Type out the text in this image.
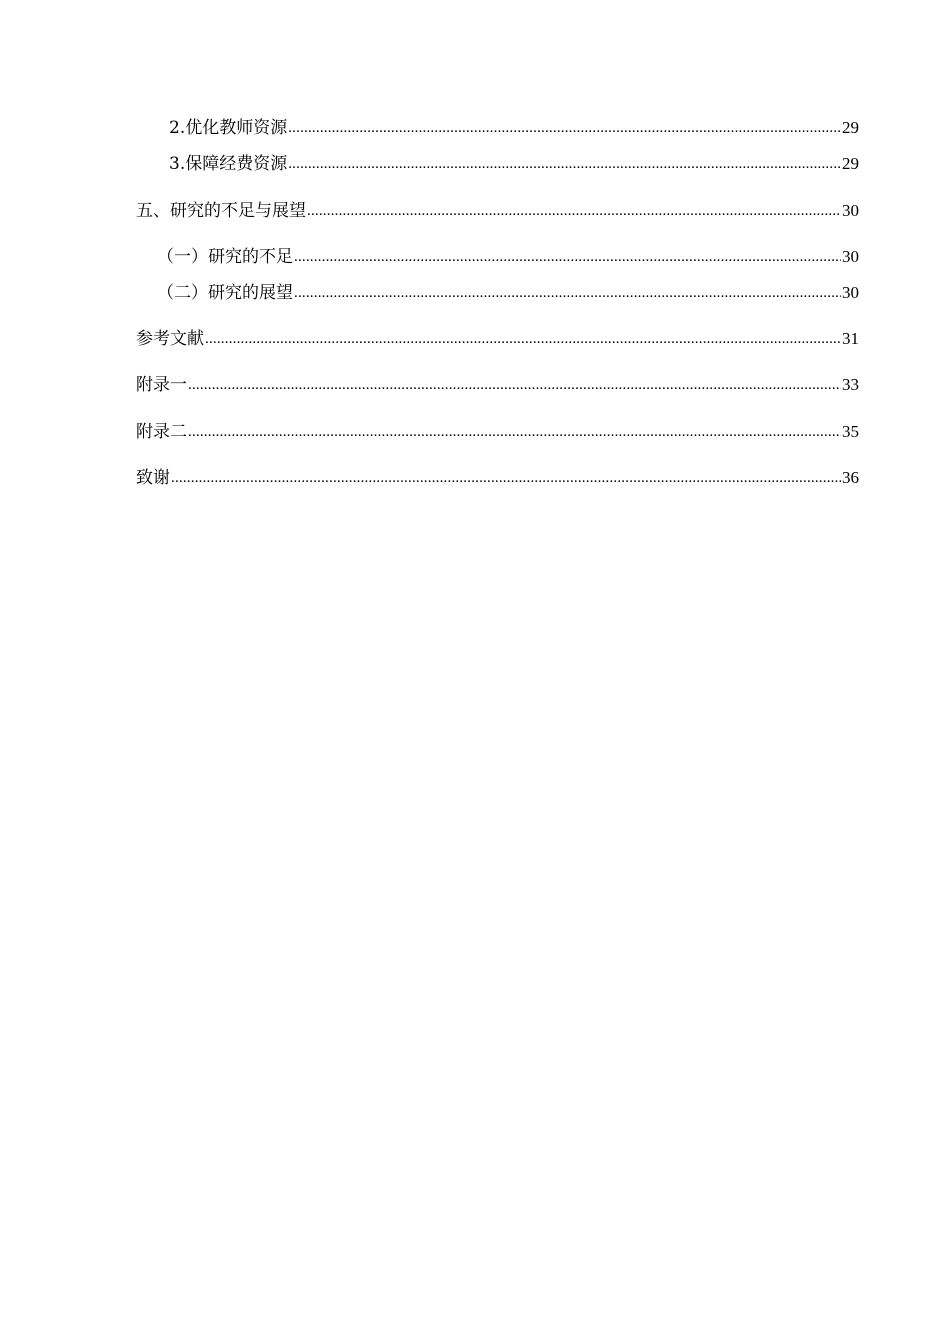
2.优化教师资源 .....	29
3.保障经费资源 .....	29
五、研究的不足与展望 .....	30
（一）研究的不足 .....	30
（二）研究的展望 .....	30
参考文献 .....	31
附录一 .....	33
附录二 .....	35
致谢 .....	36
